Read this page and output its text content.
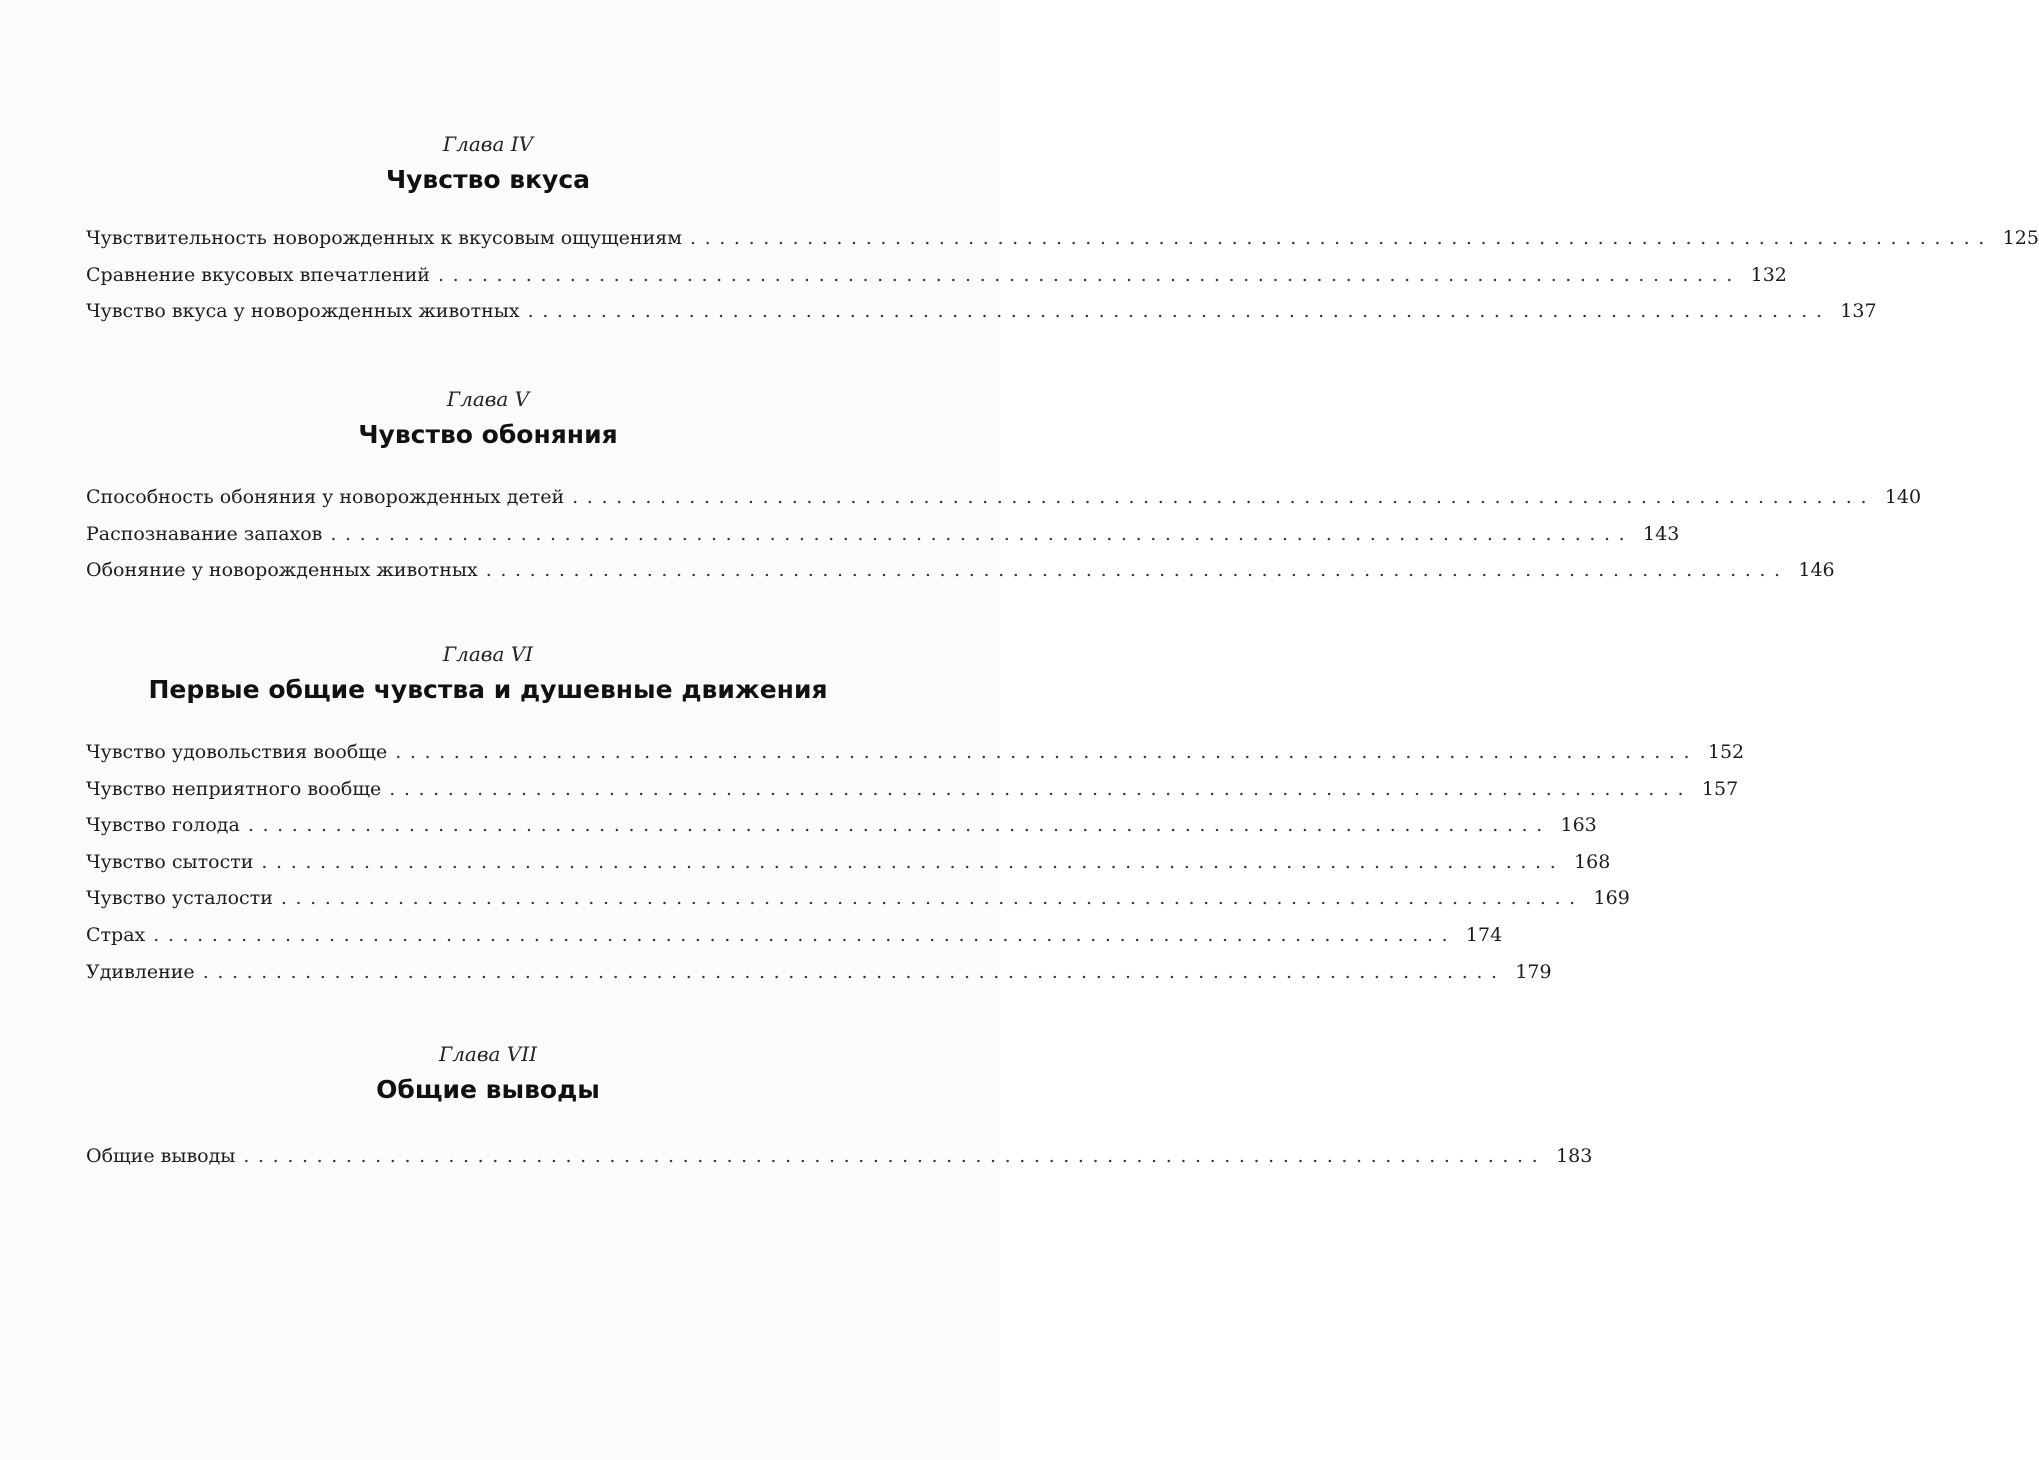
Глава IV
Чувство вкуса
Чувствительность новорожденных к вкусовым ощущениям ......................................................................................... 125
Сравнение вкусовых впечатлений ......................................................................................... 132
Чувство вкуса у новорожденных животных ......................................................................................... 137
Глава V
Чувство обоняния
Способность обоняния у новорожденных детей ......................................................................................... 140
Распознавание запахов ......................................................................................... 143
Обоняние у новорожденных животных ......................................................................................... 146
Глава VI
Первые общие чувства и душевные движения
Чувство удовольствия вообще ......................................................................................... 152
Чувство неприятного вообще ......................................................................................... 157
Чувство голода ......................................................................................... 163
Чувство сытости ......................................................................................... 168
Чувство усталости ......................................................................................... 169
Страх ......................................................................................... 174
Удивление ......................................................................................... 179
Глава VII
Общие выводы
Общие выводы ......................................................................................... 183
